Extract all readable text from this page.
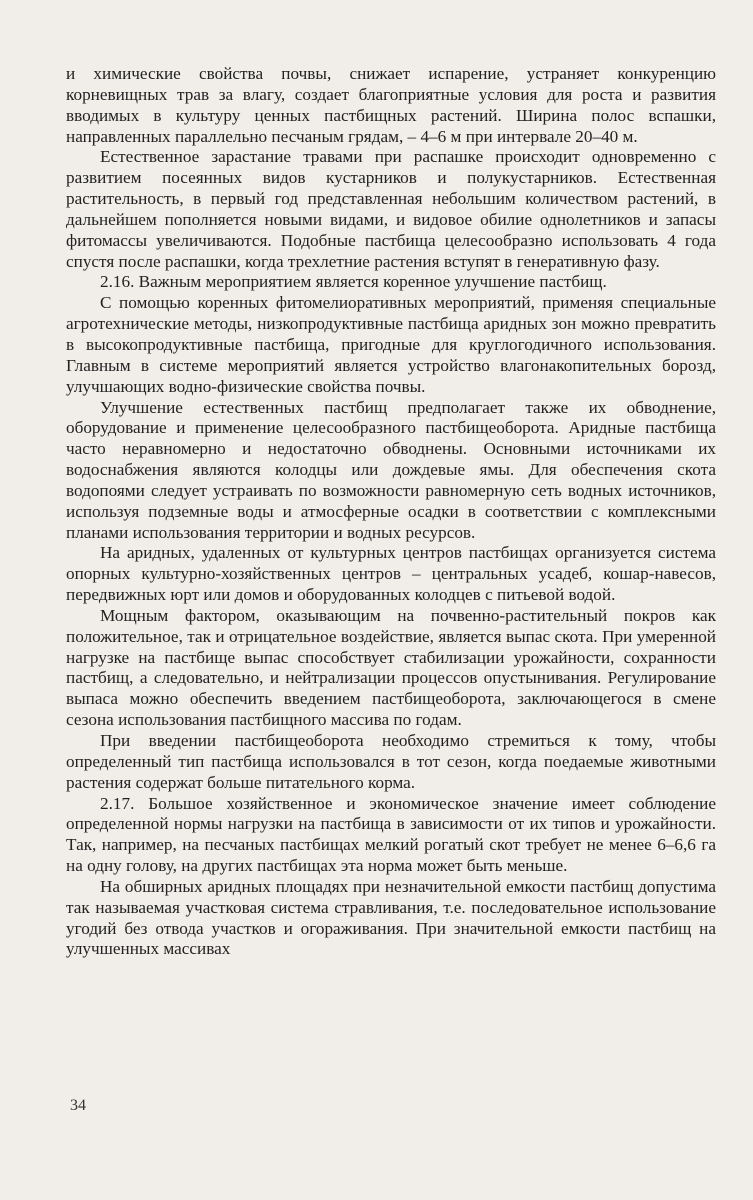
и химические свойства почвы, снижает испарение, устраняет конкуренцию корневищных трав за влагу, создает благоприятные условия для роста и развития вводимых в культуру ценных пастбищных растений. Ширина полос вспашки, направленных параллельно песчаным грядам, – 4–6 м при интервале 20–40 м.

Естественное зарастание травами при распашке происходит одновременно с развитием посеянных видов кустарников и полукустарников. Естественная растительность, в первый год представленная небольшим количеством растений, в дальнейшем пополняется новыми видами, и видовое обилие однолетников и запасы фитомассы увеличиваются. Подобные пастбища целесообразно использовать 4 года спустя после распашки, когда трехлетние растения вступят в генеративную фазу.

2.16. Важным мероприятием является коренное улучшение пастбищ.

С помощью коренных фитомелиоративных мероприятий, применяя специальные агротехнические методы, низкопродуктивные пастбища аридных зон можно превратить в высокопродуктивные пастбища, пригодные для круглогодичного использования. Главным в системе мероприятий является устройство влагонакопительных борозд, улучшающих водно-физические свойства почвы.

Улучшение естественных пастбищ предполагает также их обводнение, оборудование и применение целесообразного пастбищеоборота. Аридные пастбища часто неравномерно и недостаточно обводнены. Основными источниками их водоснабжения являются колодцы или дождевые ямы. Для обеспечения скота водопоями следует устраивать по возможности равномерную сеть водных источников, используя подземные воды и атмосферные осадки в соответствии с комплексными планами использования территории и водных ресурсов.

На аридных, удаленных от культурных центров пастбищах организуется система опорных культурно-хозяйственных центров – центральных усадеб, кошар-навесов, передвижных юрт или домов и оборудованных колодцев с питьевой водой.

Мощным фактором, оказывающим на почвенно-растительный покров как положительное, так и отрицательное воздействие, является выпас скота. При умеренной нагрузке на пастбище выпас способствует стабилизации урожайности, сохранности пастбищ, а следовательно, и нейтрализации процессов опустынивания. Регулирование выпаса можно обеспечить введением пастбищеоборота, заключающегося в смене сезона использования пастбищного массива по годам.

При введении пастбищеоборота необходимо стремиться к тому, чтобы определенный тип пастбища использовался в тот сезон, когда поедаемые животными растения содержат больше питательного корма.

2.17. Большое хозяйственное и экономическое значение имеет соблюдение определенной нормы нагрузки на пастбища в зависимости от их типов и урожайности. Так, например, на песчаных пастбищах мелкий рогатый скот требует не менее 6–6,6 га на одну голову, на других пастбищах эта норма может быть меньше.

На обширных аридных площадях при незначительной емкости пастбищ допустима так называемая участковая система стравливания, т.е. последовательное использование угодий без отвода участков и огораживания. При значительной емкости пастбищ на улучшенных массивах

34
